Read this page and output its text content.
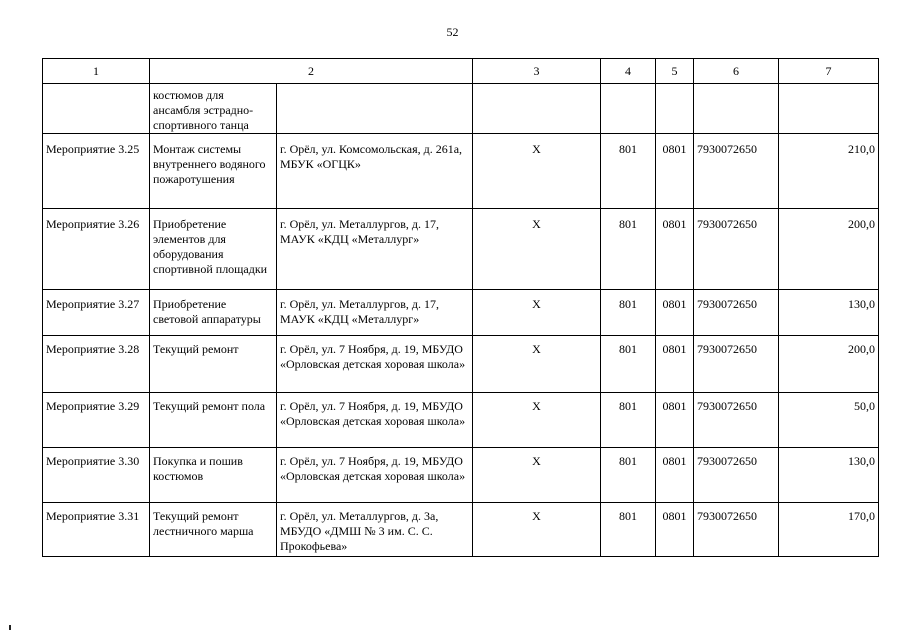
52
1	2		3	4	5	6	7
	костюмов для ансамбля эстрадно-спортивного танца						
Мероприятие 3.25	Монтаж системы внутреннего водяного пожаротушения	г. Орёл, ул. Комсомольская, д. 261а, МБУК «ОГЦК»	Х	801	0801	7930072650	210,0
Мероприятие 3.26	Приобретение элементов для оборудования спортивной площадки	г. Орёл, ул. Металлургов, д. 17, МАУК «КДЦ «Металлург»	Х	801	0801	7930072650	200,0
Мероприятие 3.27	Приобретение световой аппаратуры	г. Орёл, ул. Металлургов, д. 17, МАУК «КДЦ «Металлург»	Х	801	0801	7930072650	130,0
Мероприятие 3.28	Текущий ремонт	г. Орёл, ул. 7 Ноября, д. 19, МБУДО «Орловская детская хоровая школа»	Х	801	0801	7930072650	200,0
Мероприятие 3.29	Текущий ремонт пола	г. Орёл, ул. 7 Ноября, д. 19, МБУДО «Орловская детская хоровая школа»	Х	801	0801	7930072650	50,0
Мероприятие 3.30	Покупка и пошив костюмов	г. Орёл, ул. 7 Ноября, д. 19, МБУДО «Орловская детская хоровая школа»	Х	801	0801	7930072650	130,0
Мероприятие 3.31	Текущий ремонт лестничного марша	г. Орёл, ул. Металлургов, д. 3а, МБУДО «ДМШ № 3 им. С. С. Прокофьева»	Х	801	0801	7930072650	170,0
